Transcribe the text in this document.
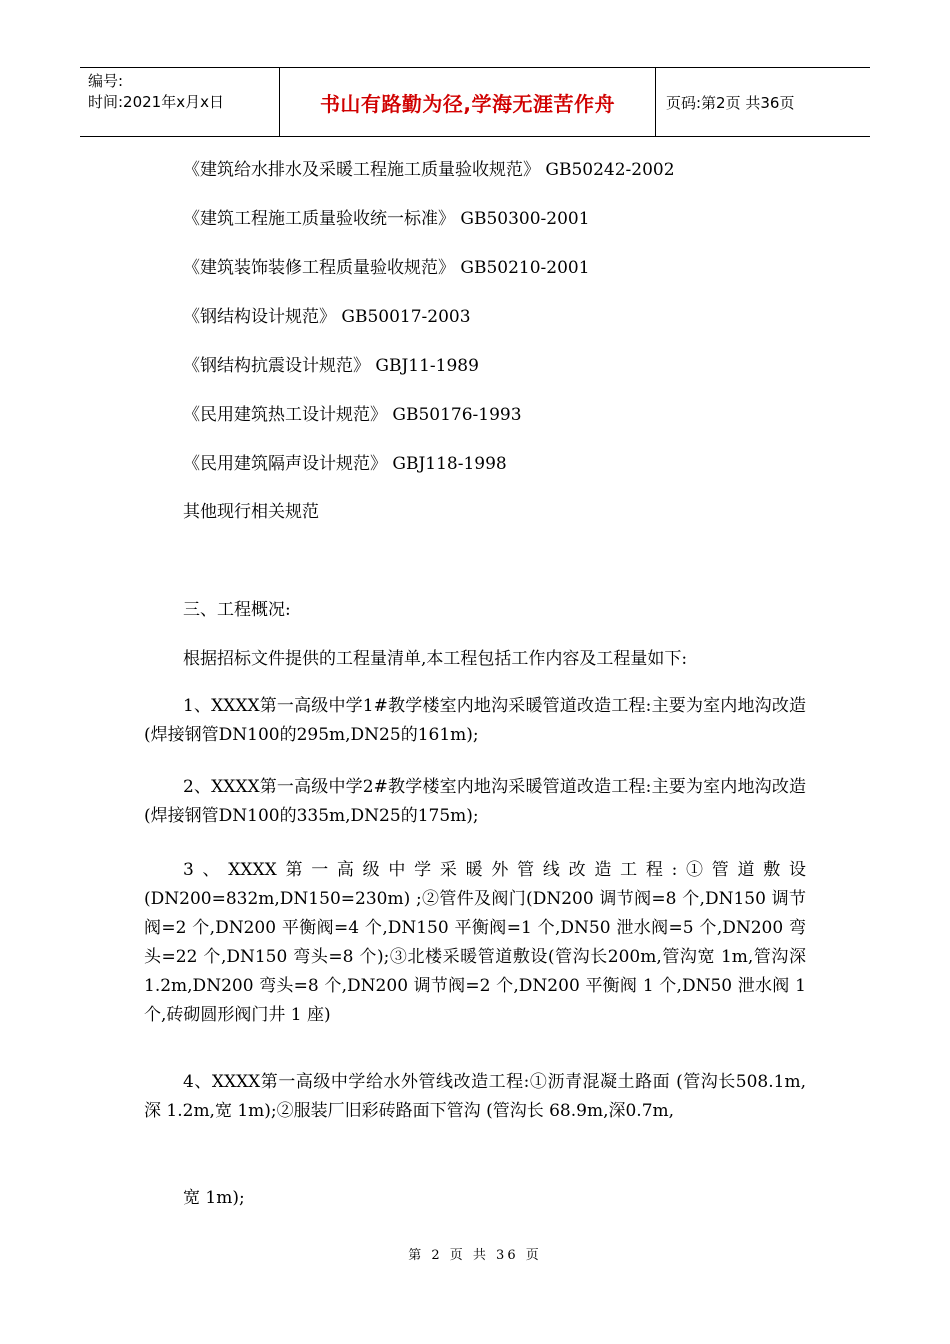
编号:
时间:2021年x月x日	书山有路勤为径,学海无涯苦作舟	页码:第2页 共36页
《建筑给水排水及采暖工程施工质量验收规范》 GB50242-2002
《建筑工程施工质量验收统一标准》 GB50300-2001
《建筑装饰装修工程质量验收规范》 GB50210-2001
《钢结构设计规范》 GB50017-2003
《钢结构抗震设计规范》 GBJ11-1989
《民用建筑热工设计规范》 GB50176-1993
《民用建筑隔声设计规范》 GBJ118-1998
其他现行相关规范
三、工程概况:
根据招标文件提供的工程量清单,本工程包括工作内容及工程量如下:
1、XXXX第一高级中学1#教学楼室内地沟采暖管道改造工程:主要为室内地沟改造(焊接钢管DN100的295m,DN25的161m);
2、XXXX第一高级中学2#教学楼室内地沟采暖管道改造工程:主要为室内地沟改造(焊接钢管DN100的335m,DN25的175m);
3、XXXX第一高级中学采暖外管线改造工程:①管道敷设(DN200=832m,DN150=230m) ;②管件及阀门(DN200 调节阀=8 个,DN150 调节阀=2 个,DN200 平衡阀=4 个,DN150 平衡阀=1 个,DN50 泄水阀=5 个,DN200 弯头=22 个,DN150 弯头=8 个);③北楼采暖管道敷设(管沟长200m,管沟宽 1m,管沟深 1.2m,DN200 弯头=8 个,DN200 调节阀=2 个,DN200 平衡阀 1 个,DN50 泄水阀 1 个,砖砌圆形阀门井 1 座)
4、XXXX第一高级中学给水外管线改造工程:①沥青混凝土路面 (管沟长508.1m,深 1.2m,宽 1m);②服装厂旧彩砖路面下管沟 (管沟长 68.9m,深0.7m,
宽 1m);
第 2 页 共 36 页
